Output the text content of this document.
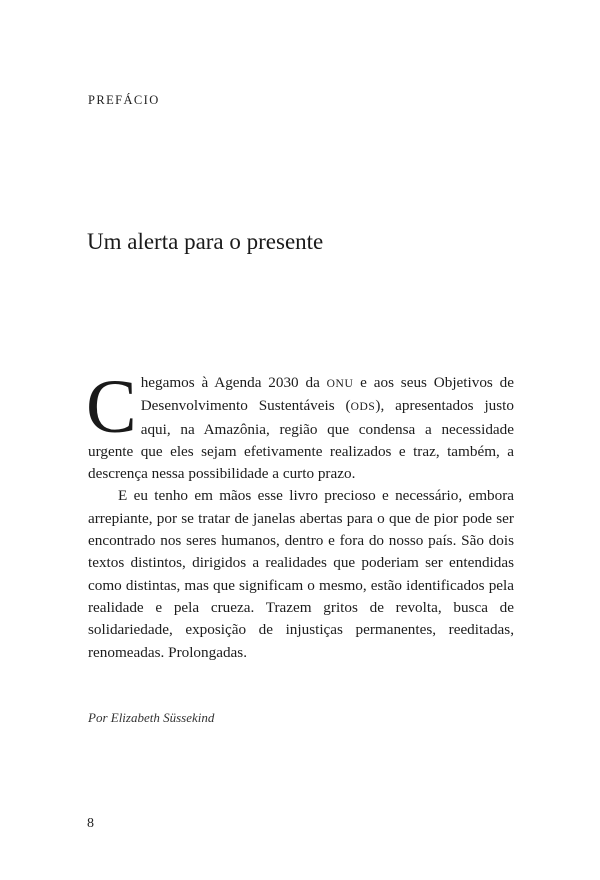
PREFÁCIO
Um alerta para o presente

Chegamos à Agenda 2030 da ONU e aos seus Objetivos de Desenvolvimento Sustentáveis (ODS), apresentados justo aqui, na Amazônia, região que condensa a necessidade urgente que eles sejam efetivamente realizados e traz, também, a descrença nessa possibilidade a curto prazo.

E eu tenho em mãos esse livro precioso e necessário, embora arrepiante, por se tratar de janelas abertas para o que de pior pode ser encontrado nos seres humanos, dentro e fora do nosso país. São dois textos distintos, dirigidos a realidades que poderiam ser entendidas como distintas, mas que significam o mesmo, estão identificados pela realidade e pela crueza. Trazem gritos de revolta, busca de solidariedade, exposição de injustiças permanentes, reeditadas, renomeadas. Prolongadas.

Por Elizabeth Süssekind
8
